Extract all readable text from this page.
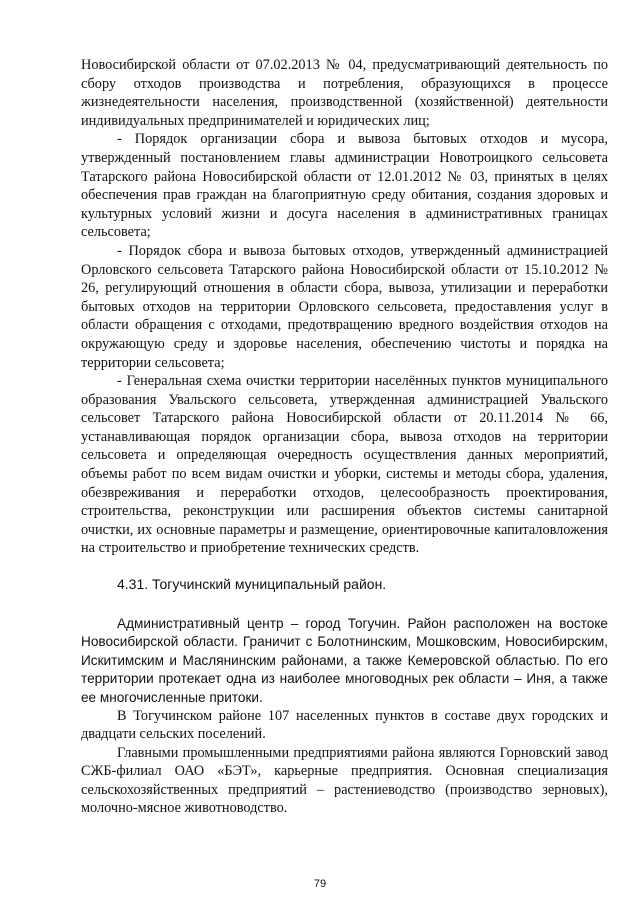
Новосибирской области от 07.02.2013 № 04, предусматривающий деятельность по сбору отходов производства и потребления, образующихся в процессе жизнедеятельности населения, производственной (хозяйственной) деятельности индивидуальных предпринимателей и юридических лиц;

- Порядок организации сбора и вывоза бытовых отходов и мусора, утвержденный постановлением главы администрации Новотроицкого сельсовета Татарского района Новосибирской области от 12.01.2012 № 03, принятых в целях обеспечения прав граждан на благоприятную среду обитания, создания здоровых и культурных условий жизни и досуга населения в административных границах сельсовета;

- Порядок сбора и вывоза бытовых отходов, утвержденный администрацией Орловского сельсовета Татарского района Новосибирской области от 15.10.2012 № 26, регулирующий отношения в области сбора, вывоза, утилизации и переработки бытовых отходов на территории Орловского сельсовета, предоставления услуг в области обращения с отходами, предотвращению вредного воздействия отходов на окружающую среду и здоровье населения, обеспечению чистоты и порядка на территории сельсовета;

- Генеральная схема очистки территории населённых пунктов муниципального образования Увальского сельсовета, утвержденная администрацией Увальского сельсовет Татарского района Новосибирской области от 20.11.2014 № 66, устанавливающая порядок организации сбора, вывоза отходов на территории сельсовета и определяющая очередность осуществления данных мероприятий, объемы работ по всем видам очистки и уборки, системы и методы сбора, удаления, обезвреживания и переработки отходов, целесообразность проектирования, строительства, реконструкции или расширения объектов системы санитарной очистки, их основные параметры и размещение, ориентировочные капиталовложения на строительство и приобретение технических средств.

4.31. Тогучинский муниципальный район.

Административный центр – город Тогучин. Район расположен на востоке Новосибирской области. Граничит с Болотнинским, Мошковским, Новосибирским, Искитимским и Маслянинским районами, а также Кемеровской областью. По его территории протекает одна из наиболее многоводных рек области – Иня, а также ее многочисленные притоки.

В Тогучинском районе 107 населенных пунктов в составе двух городских и двадцати сельских поселений.

Главными промышленными предприятиями района являются Горновский завод СЖБ-филиал ОАО «БЭТ», карьерные предприятия. Основная специализация сельскохозяйственных предприятий – растениеводство (производство зерновых), молочно-мясное животноводство.

79
